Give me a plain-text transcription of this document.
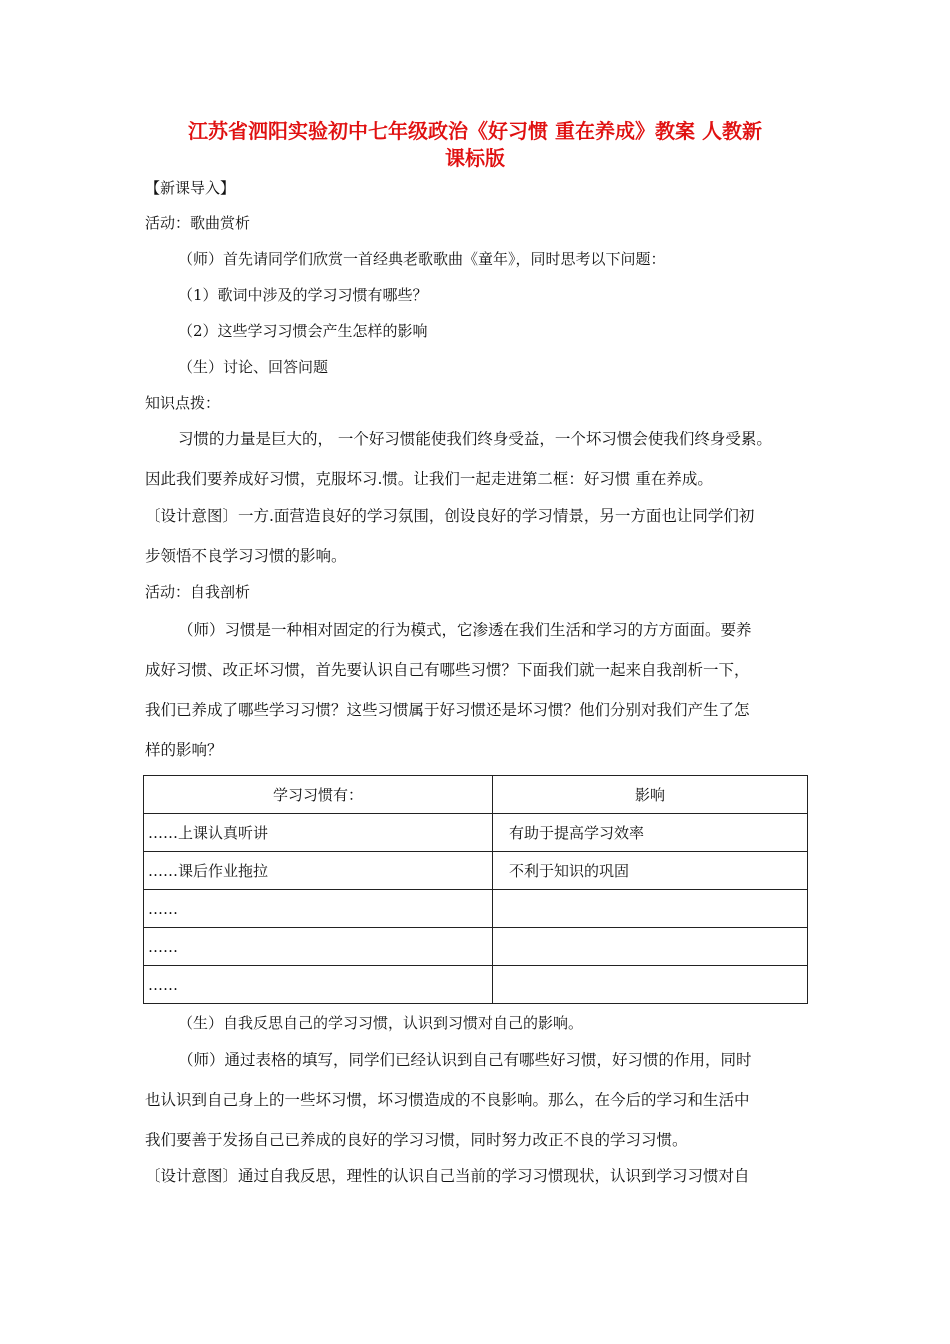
江苏省泗阳实验初中七年级政治《好习惯 重在养成》教案 人教新
课标版
【新课导入】
活动：歌曲赏析
（师）首先请同学们欣赏一首经典老歌歌曲《童年》，同时思考以下问题：
（1）歌词中涉及的学习习惯有哪些？
（2）这些学习习惯会产生怎样的影响
（生）讨论、回答问题
知识点拨：
习惯的力量是巨大的， 一个好习惯能使我们终身受益，一个坏习惯会使我们终身受累。
因此我们要养成好习惯，克服坏习.惯。让我们一起走进第二框：好习惯 重在养成。
〔设计意图〕一方.面营造良好的学习氛围，创设良好的学习情景，另一方面也让同学们初
步领悟不良学习习惯的影响。
活动：自我剖析
（师）习惯是一种相对固定的行为模式，它渗透在我们生活和学习的方方面面。要养
成好习惯、改正坏习惯，首先要认识自己有哪些习惯？下面我们就一起来自我剖析一下，
我们已养成了哪些学习习惯？这些习惯属于好习惯还是坏习惯？他们分别对我们产生了怎
样的影响？
学习习惯有：	影响
……上课认真听讲	有助于提高学习效率
……课后作业拖拉	不利于知识的巩固
……	
……	
……	
（生）自我反思自己的学习习惯，认识到习惯对自己的影响。
（师）通过表格的填写，同学们已经认识到自己有哪些好习惯，好习惯的作用，同时
也认识到自己身上的一些坏习惯，坏习惯造成的不良影响。那么，在今后的学习和生活中
我们要善于发扬自己已养成的良好的学习习惯，同时努力改正不良的学习习惯。
〔设计意图〕通过自我反思，理性的认识自己当前的学习习惯现状，认识到学习习惯对自
